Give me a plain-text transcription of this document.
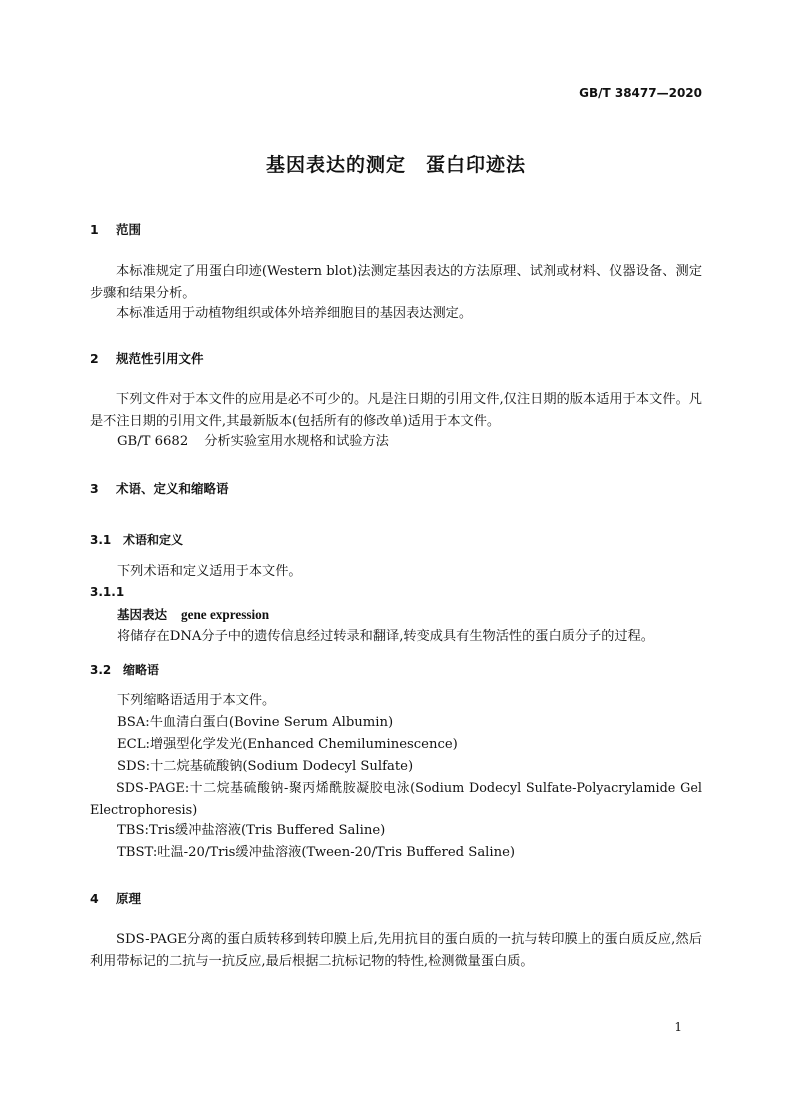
GB/T 38477—2020
基因表达的测定　蛋白印迹法
1 范围
本标准规定了用蛋白印迹(Western blot)法测定基因表达的方法原理、试剂或材料、仪器设备、测定步骤和结果分析。
本标准适用于动植物组织或体外培养细胞目的基因表达测定。
2 规范性引用文件
下列文件对于本文件的应用是必不可少的。凡是注日期的引用文件,仅注日期的版本适用于本文件。凡是不注日期的引用文件,其最新版本(包括所有的修改单)适用于本文件。
GB/T 6682 分析实验室用水规格和试验方法
3 术语、定义和缩略语
3.1 术语和定义
下列术语和定义适用于本文件。
3.1.1
基因表达 gene expression
将储存在DNA分子中的遗传信息经过转录和翻译,转变成具有生物活性的蛋白质分子的过程。
3.2 缩略语
下列缩略语适用于本文件。
BSA:牛血清白蛋白(Bovine Serum Albumin)
ECL:增强型化学发光(Enhanced Chemiluminescence)
SDS:十二烷基硫酸钠(Sodium Dodecyl Sulfate)
SDS-PAGE:十二烷基硫酸钠-聚丙烯酰胺凝胶电泳(Sodium Dodecyl Sulfate-Polyacrylamide Gel Electrophoresis)
TBS:Tris缓冲盐溶液(Tris Buffered Saline)
TBST:吐温-20/Tris缓冲盐溶液(Tween-20/Tris Buffered Saline)
4 原理
SDS-PAGE分离的蛋白质转移到转印膜上后,先用抗目的蛋白质的一抗与转印膜上的蛋白质反应,然后利用带标记的二抗与一抗反应,最后根据二抗标记物的特性,检测微量蛋白质。
1
